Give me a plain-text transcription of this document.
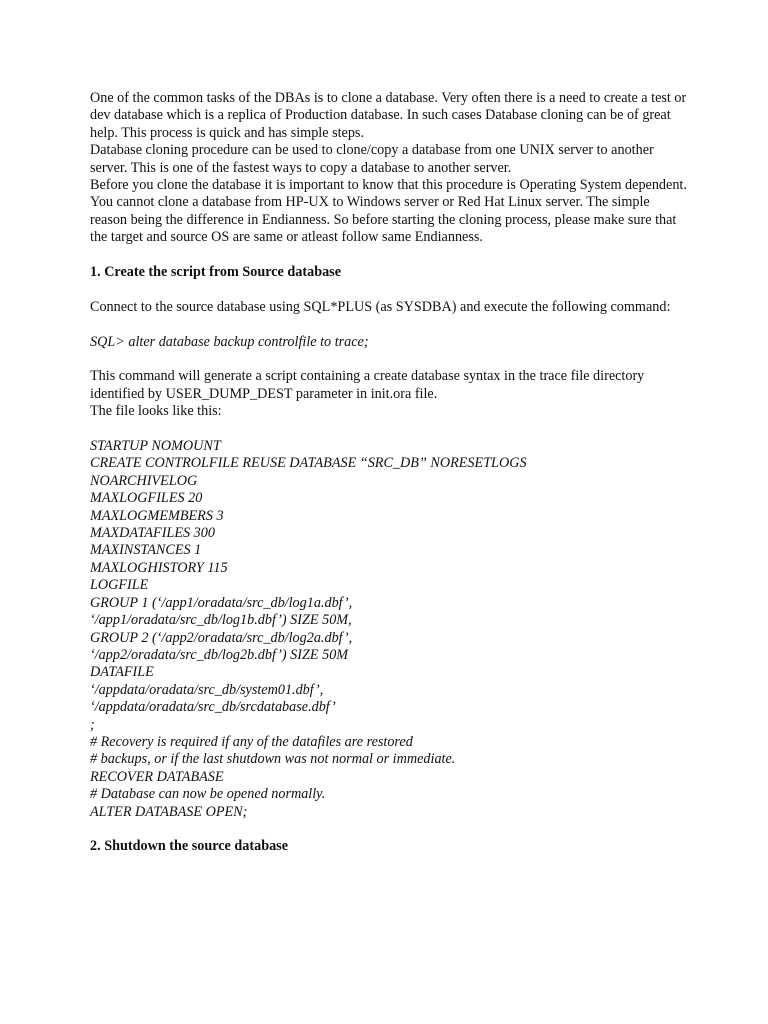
One of the common tasks of the DBAs is to clone a database. Very often there is a need to create a test or dev database which is a replica of Production database. In such cases Database cloning can be of great help. This process is quick and has simple steps.

Database cloning procedure can be used to clone/copy a database from one UNIX server to another server. This is one of the fastest ways to copy a database to another server.

Before you clone the database it is important to know that this procedure is Operating System dependent. You cannot clone a database from HP-UX to Windows server or Red Hat Linux server. The simple reason being the difference in Endianness. So before starting the cloning process, please make sure that the target and source OS are same or atleast follow same Endianness.

1. Create the script from Source database

Connect to the source database using SQL*PLUS (as SYSDBA) and execute the following command:

SQL> alter database backup controlfile to trace;

This command will generate a script containing a create database syntax in the trace file directory identified by USER_DUMP_DEST parameter in init.ora file.

The file looks like this:

STARTUP NOMOUNT

CREATE CONTROLFILE REUSE DATABASE “SRC_DB” NORESETLOGS

NOARCHIVELOG

MAXLOGFILES 20

MAXLOGMEMBERS 3

MAXDATAFILES 300

MAXINSTANCES 1

MAXLOGHISTORY 115

LOGFILE

GROUP 1 (‘/app1/oradata/src_db/log1a.dbf’,

‘/app1/oradata/src_db/log1b.dbf’) SIZE 50M,

GROUP 2 (‘/app2/oradata/src_db/log2a.dbf’,

‘/app2/oradata/src_db/log2b.dbf’) SIZE 50M

DATAFILE

‘/appdata/oradata/src_db/system01.dbf’,

‘/appdata/oradata/src_db/srcdatabase.dbf’

;

# Recovery is required if any of the datafiles are restored

# backups, or if the last shutdown was not normal or immediate.

RECOVER DATABASE

# Database can now be opened normally.

ALTER DATABASE OPEN;

2. Shutdown the source database
